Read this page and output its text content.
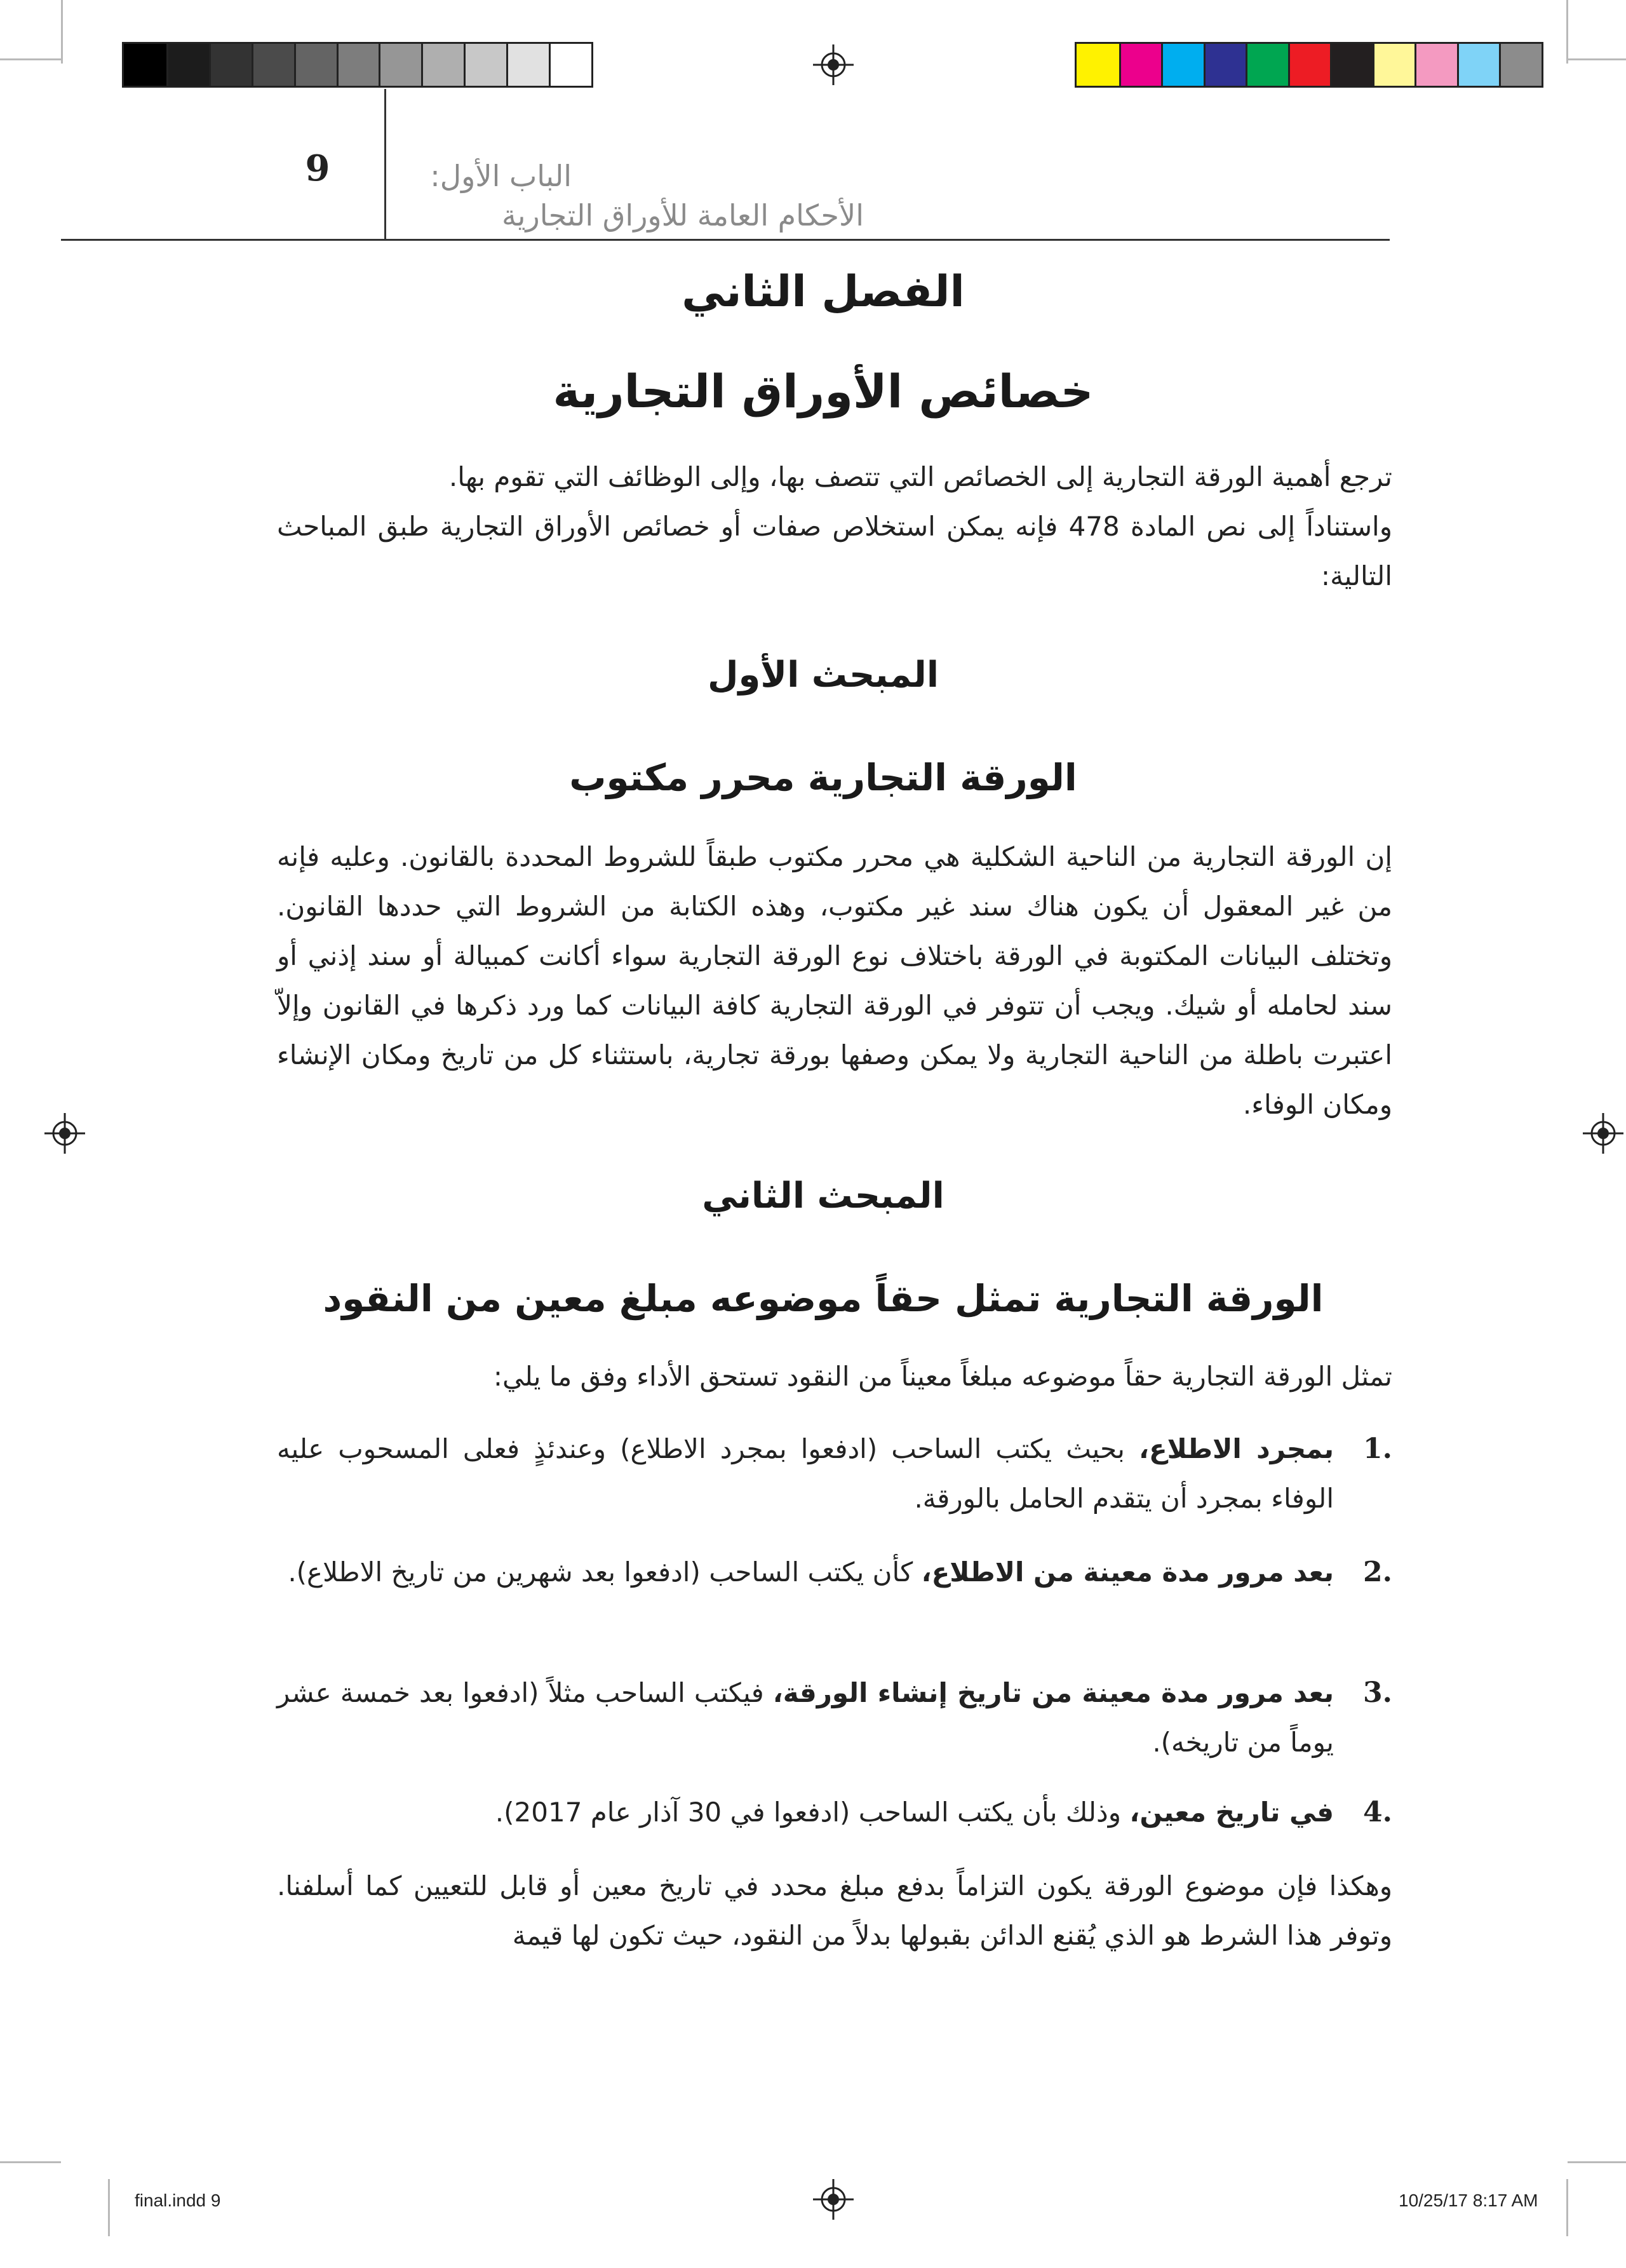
9	الباب الأول:
الأحكام العامة للأوراق التجارية
الفصل الثاني
خصائص الأوراق التجارية
ترجع أهمية الورقة التجارية إلى الخصائص التي تتصف بها، وإلى الوظائف التي تقوم بها.
واستناداً إلى نص المادة 478 فإنه يمكن استخلاص صفات أو خصائص الأوراق التجارية طبق المباحث التالية:
المبحث الأول
الورقة التجارية محرر مكتوب
إن الورقة التجارية من الناحية الشكلية هي محرر مكتوب طبقاً للشروط المحددة بالقانون. وعليه فإنه من غير المعقول أن يكون هناك سند غير مكتوب، وهذه الكتابة من الشروط التي حددها القانون. وتختلف البيانات المكتوبة في الورقة باختلاف نوع الورقة التجارية سواء أكانت كمبيالة أو سند إذني أو سند لحامله أو شيك. ويجب أن تتوفر في الورقة التجارية كافة البيانات كما ورد ذكرها في القانون وإلاّ اعتبرت باطلة من الناحية التجارية ولا يمكن وصفها بورقة تجارية، باستثناء كل من تاريخ ومكان الإنشاء ومكان الوفاء.
المبحث الثاني
الورقة التجارية تمثل حقاً موضوعه مبلغ معين من النقود
تمثل الورقة التجارية حقاً موضوعه مبلغاً معيناً من النقود تستحق الأداء وفق ما يلي:
.1
بمجرد الاطلاع، بحيث يكتب الساحب (ادفعوا بمجرد الاطلاع) وعندئذٍ فعلى المسحوب عليه الوفاء بمجرد أن يتقدم الحامل بالورقة.
.2
بعد مرور مدة معينة من الاطلاع، كأن يكتب الساحب (ادفعوا بعد شهرين من تاريخ الاطلاع).
.3
بعد مرور مدة معينة من تاريخ إنشاء الورقة، فيكتب الساحب مثلاً (ادفعوا بعد خمسة عشر يوماً من تاريخه).
.4
في تاريخ معين، وذلك بأن يكتب الساحب (ادفعوا في 30 آذار عام 2017).
وهكذا فإن موضوع الورقة يكون التزاماً بدفع مبلغ محدد في تاريخ معين أو قابل للتعيين كما أسلفنا. وتوفر هذا الشرط هو الذي يُقنع الدائن بقبولها بدلاً من النقود، حيث تكون لها قيمة
final.indd 9	10/25/17 8:17 AM
